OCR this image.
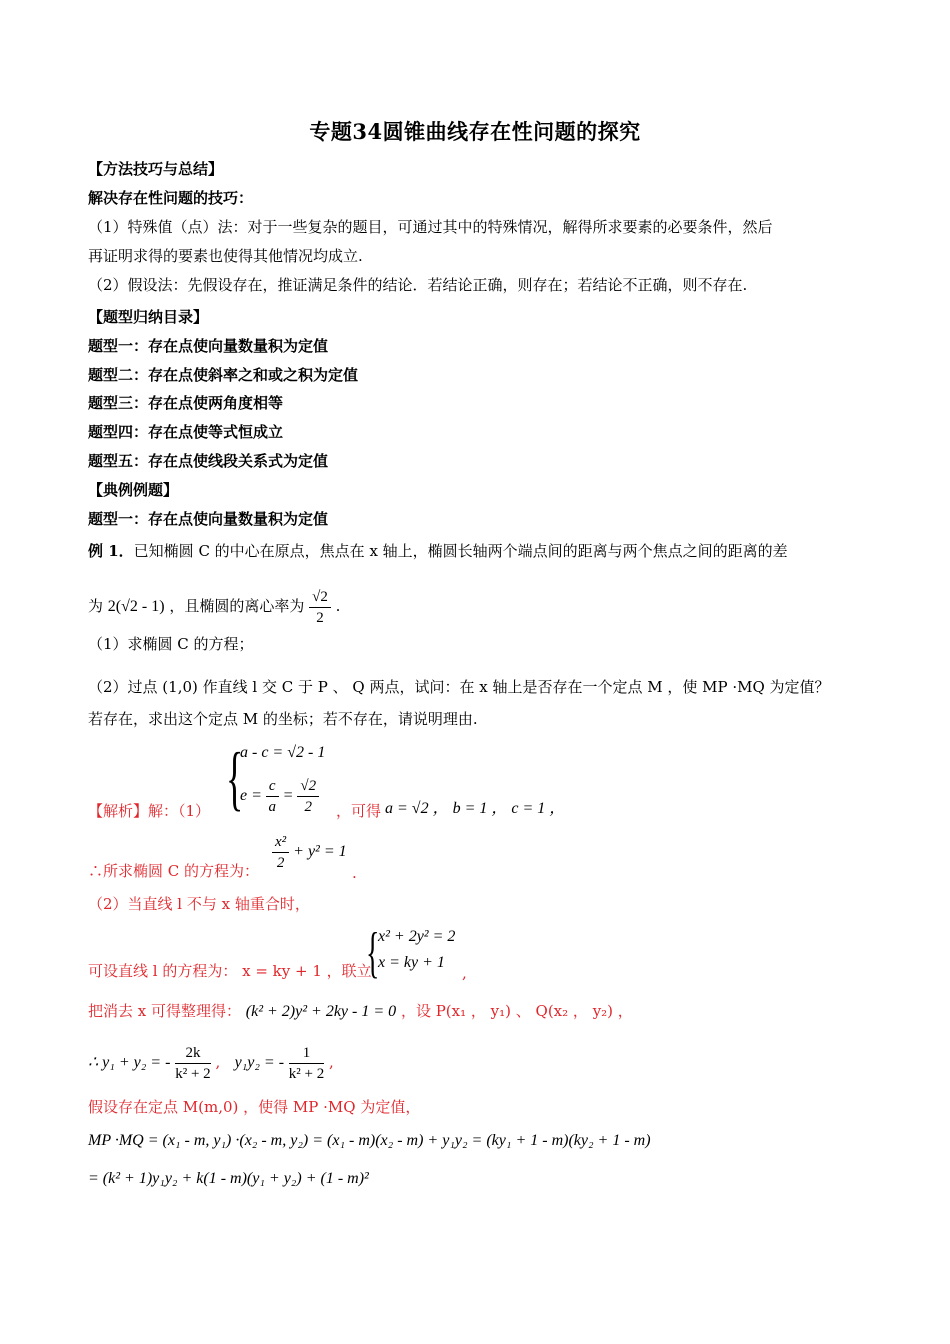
专题34圆锥曲线存在性问题的探究
【方法技巧与总结】
解决存在性问题的技巧：
（1）特殊值（点）法：对于一些复杂的题目，可通过其中的特殊情况，解得所求要素的必要条件，然后
再证明求得的要素也使得其他情况均成立.
（2）假设法：先假设存在，推证满足条件的结论．若结论正确，则存在；若结论不正确，则不存在.
【题型归纳目录】
题型一：存在点使向量数量积为定值
题型二：存在点使斜率之和或之积为定值
题型三：存在点使两角度相等
题型四：存在点使等式恒成立
题型五：存在点使线段关系式为定值
【典例例题】
题型一：存在点使向量数量积为定值
例 1．已知椭圆 C 的中心在原点，焦点在 x 轴上，椭圆长轴两个端点间的距离与两个焦点之间的距离的差
为 2(√2 - 1) ，且椭圆的离心率为 $\frac{√2}{2}$ .
（1）求椭圆 C 的方程；
（2）过点 (1,0) 作直线 l 交 C 于 P 、 Q 两点，试问：在 x 轴上是否存在一个定点 M ，使 MP ·MQ 为定值？
若存在，求出这个定点 M 的坐标；若不存在，请说明理由.
【解析】解：（1） {
a - c = √2 - 1
$e = \frac{c}{a} = \frac{√2}{2}$ ，可得 a = √2 ， b = 1 ， c = 1 ，
∴所求椭圆 C 的方程为： $\frac{\text{x²}}{2} + y^2 = 1$
.
（2）当直线 l 不与 x 轴重合时，
可设直线 l 的方程为： x = ky + 1 ，联立
{
x² + 2y² = 2
x = ky + 1
,
把消去 x 可得整理得： (k² + 2)y² + 2ky - 1 = 0 ，设 P(x₁ ， y₁) 、 Q(x₂ ， y₂) ，
∴ y₁ + y₂ = - $\frac{2k}{\text{k² + 2}}$ , y₁y₂ = - $\frac{1}{\text{k² + 2}}$ ,
假设存在定点 M(m,0) ，使得 MP ·MQ 为定值，
MP ·MQ = (x₁ - m, y₁) ·(x₂ - m, y₂) = (x₁ - m)(x₂ - m) + y₁y₂ = (ky₁ + 1 - m)(ky₂ + 1 - m)
= (k² + 1)y₁y₂ + k(1 - m)(y₁ + y₂) + (1 - m)²
